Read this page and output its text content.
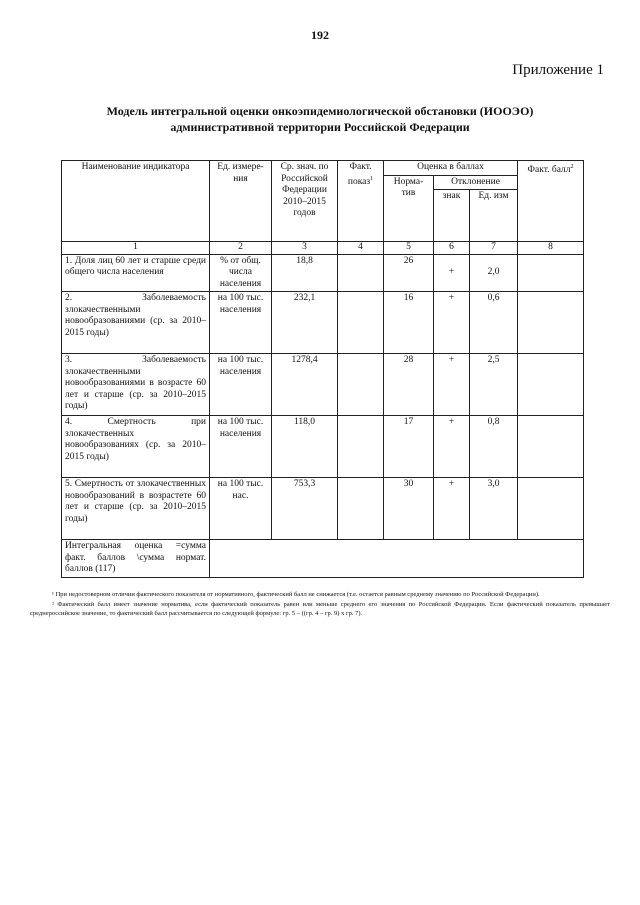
192
Приложение 1
Модель интегральной оценки онкоэпидемиологической обстановки (ИООЭО)
административной территории Российской Федерации
Наименование индикатора	Ед. измере-ния	Ср. знач. по Российской Федерации 2010–2015 годов	Факт. показ$^1$	Оценка в баллах			Факт. балл$^2$
				Норма-тив	Отклонение		
					знак	Ед. изм	
1	2	3	4	5	6	7	8
1. Доля лиц 60 лет и старше среди общего числа населения	% от общ. числа населения	18,8		26	+	2,0	
2. Заболеваемость злокачественными новообразованиями (ср. за 2010–2015 годы)	на 100 тыс. населения	232,1		16	+	0,6	
3. Заболеваемость злокачественными новообразованиями в возрасте 60 лет и старше (ср. за 2010–2015 годы)	на 100 тыс. населения	1278,4		28	+	2,5	
4. Смертность при злокачественных новообразованиях (ср. за 2010–2015 годы)	на 100 тыс. населения	118,0		17	+	0,8	
5. Смертность от злокачественных новообразований в возрастете 60 лет и старше (ср. за 2010–2015 годы)	на 100 тыс. нас.	753,3		30	+	3,0	
Интегральная оценка =сумма факт. баллов \сумма нормат. баллов (117)							

¹ При недостоверном отличии фактического показателя от нормативного, фактический балл не снижается (т.е. остается равным среднему значению по Российской Федерации).

² Фактический балл имеет значение норматива, если фактический показатель равен или меньше среднего его значения по Российской Федерации. Если фактический показатель превышает среднероссийское значение, то фактический балл рассчитывается по следующей формуле: гр. 5 – ((гр. 4 – гр. 9) x гр. 7).
